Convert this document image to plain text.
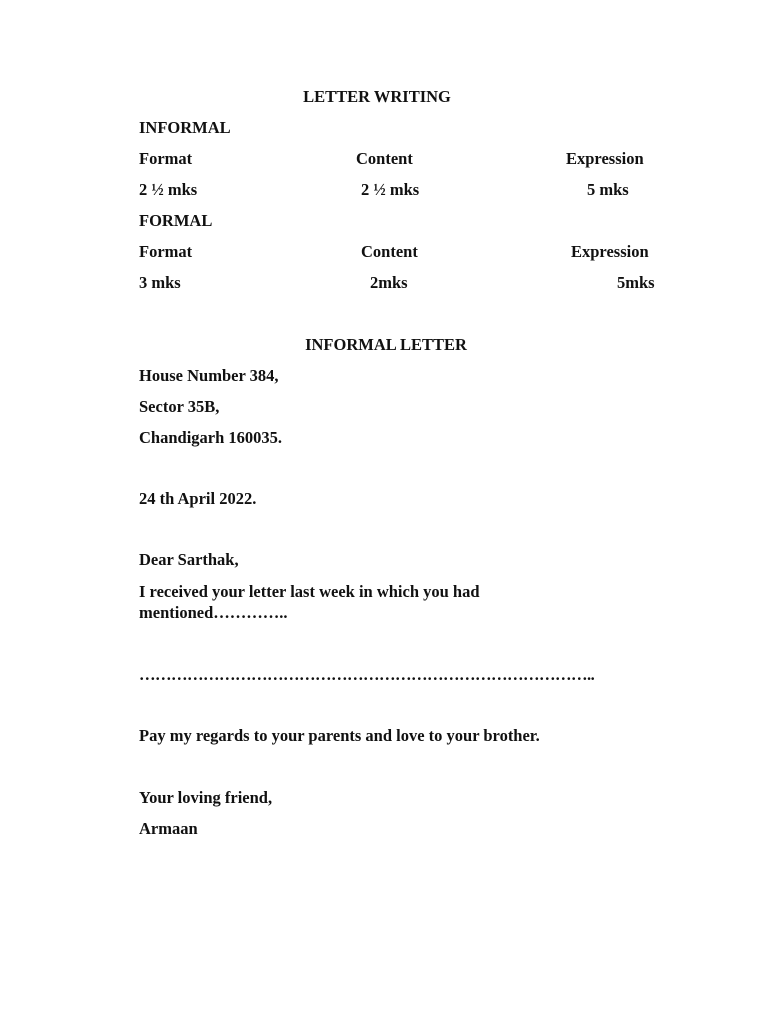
LETTER WRITING
INFORMAL
Format	Content	Expression
2 ½ mks	2 ½ mks	5 mks
FORMAL
Format	Content	Expression
3 mks	2mks	5mks
INFORMAL LETTER
House Number 384,
Sector 35B,
Chandigarh 160035.
24 th April 2022.
Dear Sarthak,
I received your letter last week in which you had
mentioned…………..
…………………………………………………………………………..
Pay my regards to your parents and love to your brother.
Your loving friend,
Armaan
